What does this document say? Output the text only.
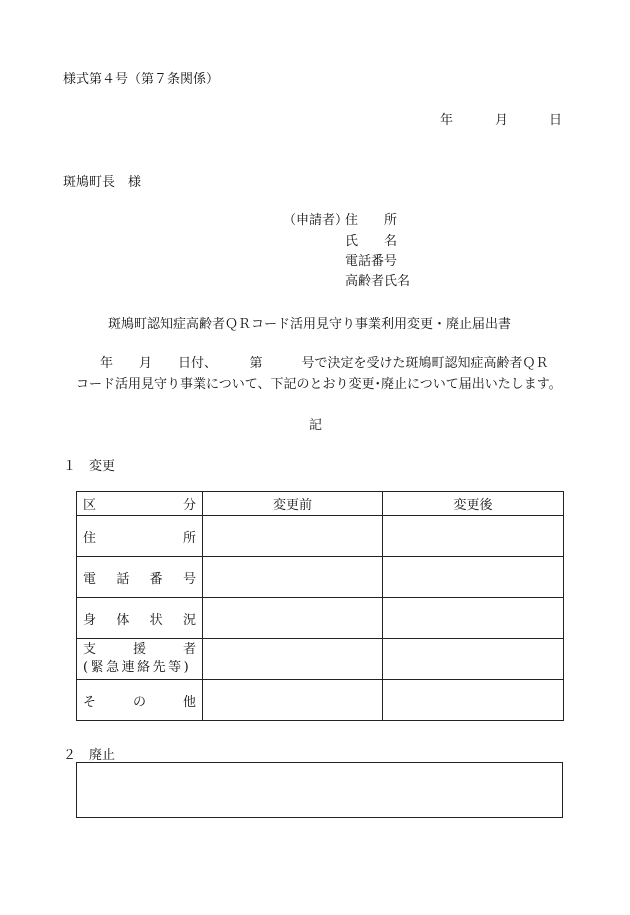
様式第４号（第７条関係）
年	月	日
斑鳩町長　様
（申請者）
住　　所
氏　　名
電話番号
高齢者氏名
斑鳩町認知症高齢者ＱＲコード活用見守り事業利用変更・廃止届出書
年　　月　　日付、　　　第　　　号で決定を受けた斑鳩町認知症高齢者ＱＲ
コード活用見守り事業について、下記のとおり変更･廃止について届出いたします。
記
１　変更
区 分	変更前	変更後

住 所		

電 話 番 号		

身 体 状 況		

支 援 者
(緊急連絡先等)		

そ の 他		

２　廃止
